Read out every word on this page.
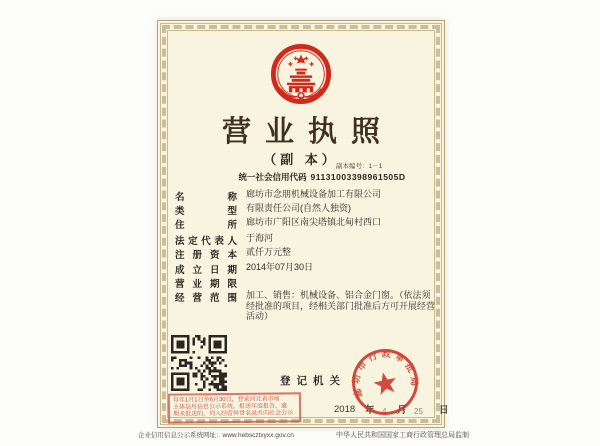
营业执照
（副 本）
副本编号：1－1
统一社会信用代码 91131003398961505D
名称 廊坊市念朋机械设备加工有限公司
类型 有限责任公司(自然人独资)
住所 廊坊市广阳区南尖塔镇北甸村西口
法定代表人 于海河
注册资本 贰仟万元整
成立日期 2014年07月30日
营业期限
经营范围 加工、销售：机械设备、铝合金门窗。（依法须经批准的项目，经相关部门批准后方可开展经营活动）
每年1月1日至6月30日，登录河北省市场
主体信用信息公示系统，报送年度报告，逾
期未报送的，列入经营异常名录并向社会公示
登记机关
2018 年 4 月 25 日
廊坊市行政审批局
企业信用信息公示系统网址：www.hebscztxyxx.gov.cn	中华人民共和国国家工商行政管理总局监制
